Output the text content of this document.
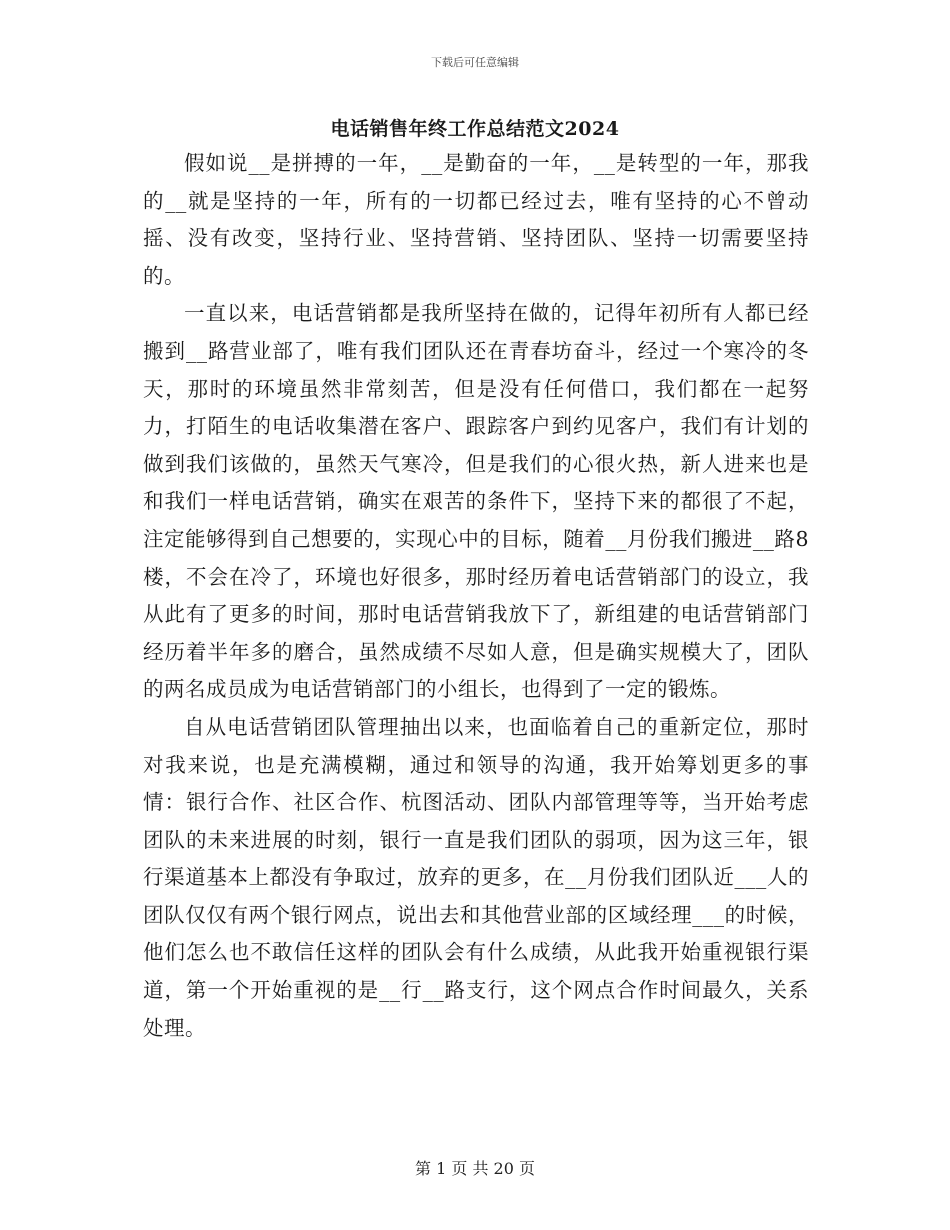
下载后可任意编辑
电话销售年终工作总结范文2024

假如说__是拼搏的一年，__是勤奋的一年，__是转型的一年，那我的__就是坚持的一年，所有的一切都已经过去，唯有坚持的心不曾动摇、没有改变，坚持行业、坚持营销、坚持团队、坚持一切需要坚持的。

一直以来，电话营销都是我所坚持在做的，记得年初所有人都已经搬到__路营业部了，唯有我们团队还在青春坊奋斗，经过一个寒冷的冬天，那时的环境虽然非常刻苦，但是没有任何借口，我们都在一起努力，打陌生的电话收集潜在客户、跟踪客户到约见客户，我们有计划的做到我们该做的，虽然天气寒冷，但是我们的心很火热，新人进来也是和我们一样电话营销，确实在艰苦的条件下，坚持下来的都很了不起，注定能够得到自己想要的，实现心中的目标，随着__月份我们搬进__路8楼，不会在冷了，环境也好很多，那时经历着电话营销部门的设立，我从此有了更多的时间，那时电话营销我放下了，新组建的电话营销部门经历着半年多的磨合，虽然成绩不尽如人意，但是确实规模大了，团队的两名成员成为电话营销部门的小组长，也得到了一定的锻炼。

自从电话营销团队管理抽出以来，也面临着自己的重新定位，那时对我来说，也是充满模糊，通过和领导的沟通，我开始筹划更多的事情：银行合作、社区合作、杭图活动、团队内部管理等等，当开始考虑团队的未来进展的时刻，银行一直是我们团队的弱项，因为这三年，银行渠道基本上都没有争取过，放弃的更多，在__月份我们团队近___人的团队仅仅有两个银行网点，说出去和其他营业部的区域经理___的时候，他们怎么也不敢信任这样的团队会有什么成绩，从此我开始重视银行渠道，第一个开始重视的是__行__路支行，这个网点合作时间最久，关系处理。

第 1 页 共 20 页
